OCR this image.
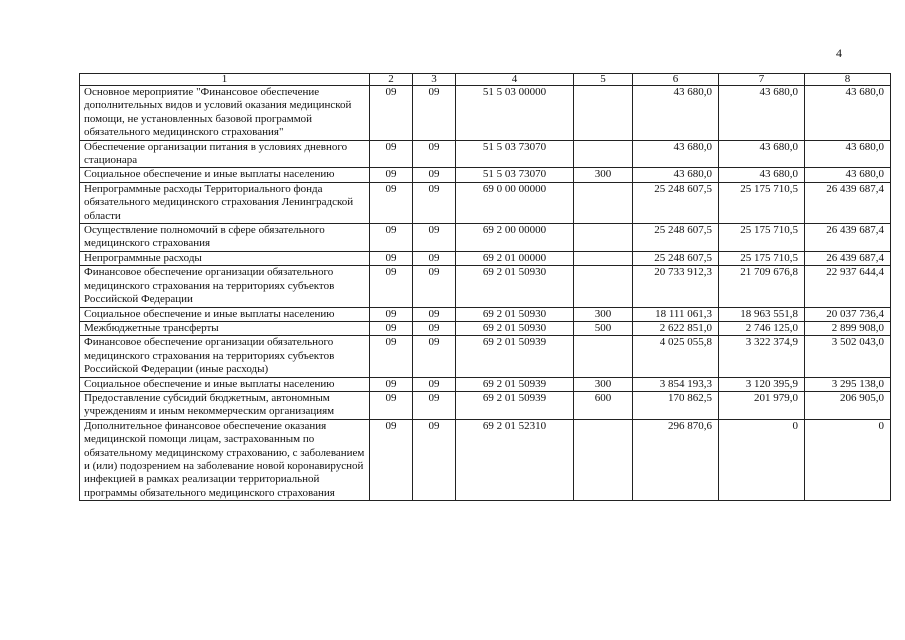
4
1	2	3	4	5	6	7	8
Основное мероприятие "Финансовое обеспечение дополнительных видов и условий оказания медицинской помощи, не установленных базовой программой обязательного медицинского страхования"	09	09	51 5 03 00000		43 680,0	43 680,0	43 680,0
Обеспечение организации питания в условиях дневного стационара	09	09	51 5 03 73070		43 680,0	43 680,0	43 680,0
Социальное обеспечение и иные выплаты населению	09	09	51 5 03 73070	300	43 680,0	43 680,0	43 680,0
Непрограммные расходы Территориального фонда обязательного медицинского страхования Ленинградской области	09	09	69 0 00 00000		25 248 607,5	25 175 710,5	26 439 687,4
Осуществление полномочий в сфере обязательного медицинского страхования	09	09	69 2 00 00000		25 248 607,5	25 175 710,5	26 439 687,4
Непрограммные расходы	09	09	69 2 01 00000		25 248 607,5	25 175 710,5	26 439 687,4
Финансовое обеспечение организации обязательного медицинского страхования на территориях субъектов Российской Федерации	09	09	69 2 01 50930		20 733 912,3	21 709 676,8	22 937 644,4
Социальное обеспечение и иные выплаты населению	09	09	69 2 01 50930	300	18 111 061,3	18 963 551,8	20 037 736,4
Межбюджетные трансферты	09	09	69 2 01 50930	500	2 622 851,0	2 746 125,0	2 899 908,0
Финансовое обеспечение организации обязательного медицинского страхования на территориях субъектов Российской Федерации (иные расходы)	09	09	69 2 01 50939		4 025 055,8	3 322 374,9	3 502 043,0
Социальное обеспечение и иные выплаты населению	09	09	69 2 01 50939	300	3 854 193,3	3 120 395,9	3 295 138,0
Предоставление субсидий бюджетным, автономным учреждениям и иным некоммерческим организациям	09	09	69 2 01 50939	600	170 862,5	201 979,0	206 905,0
Дополнительное финансовое обеспечение оказания медицинской помощи лицам, застрахованным по обязательному медицинскому страхованию, с заболеванием и (или) подозрением на заболевание новой коронавирусной инфекцией в рамках реализации территориальной программы обязательного медицинского страхования	09	09	69 2 01 52310		296 870,6	0	0
